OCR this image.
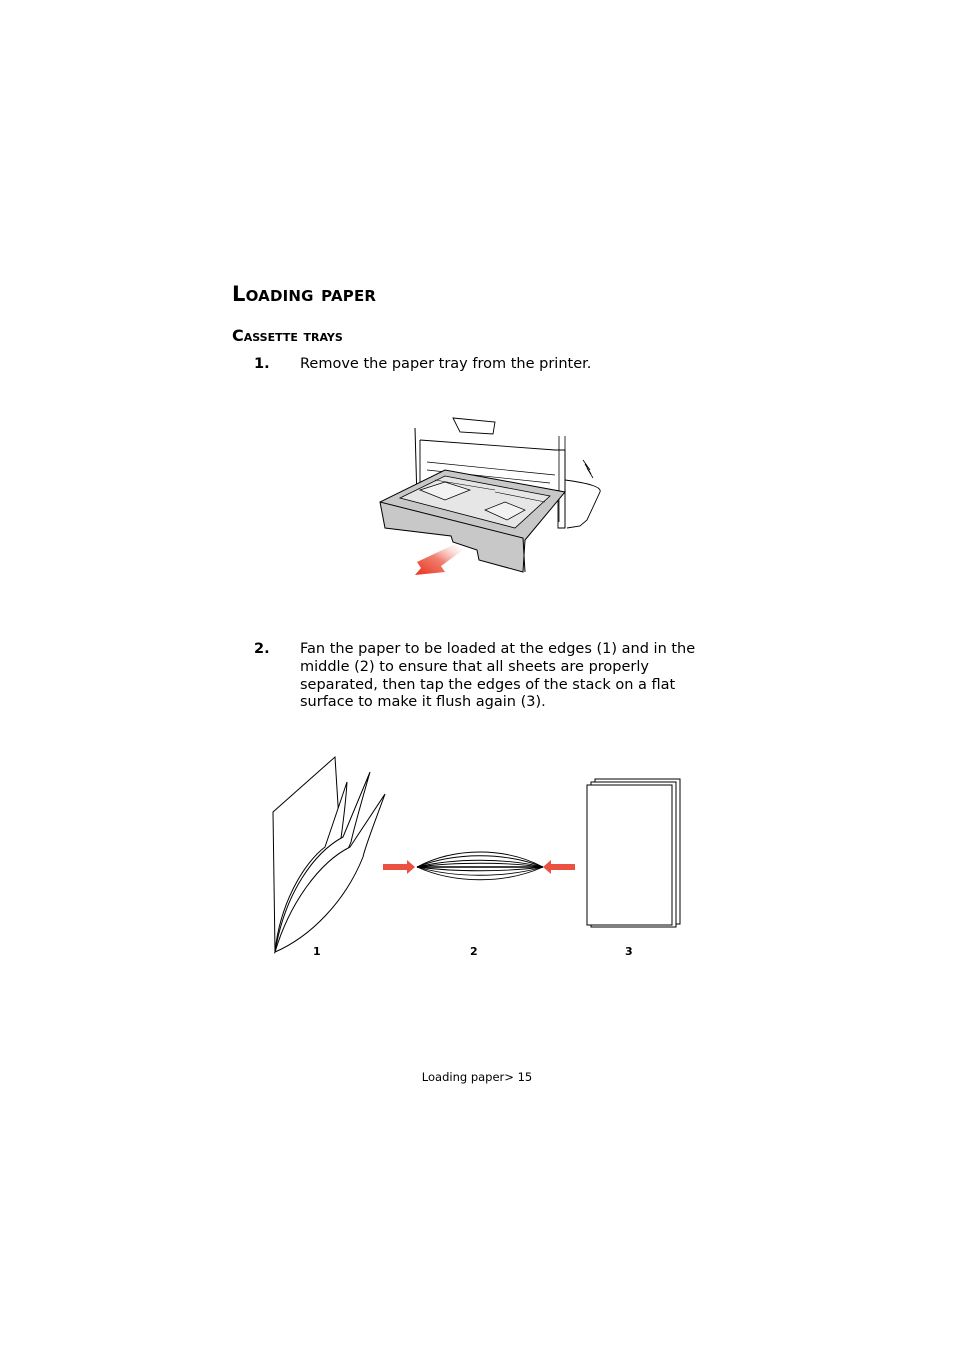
Loading paper
Cassette trays
1. Remove the paper tray from the printer.
2. Fan the paper to be loaded at the edges (1) and in the middle (2) to ensure that all sheets are properly separated, then tap the edges of the stack on a flat surface to make it flush again (3).
1	2	3
Loading paper> 15
